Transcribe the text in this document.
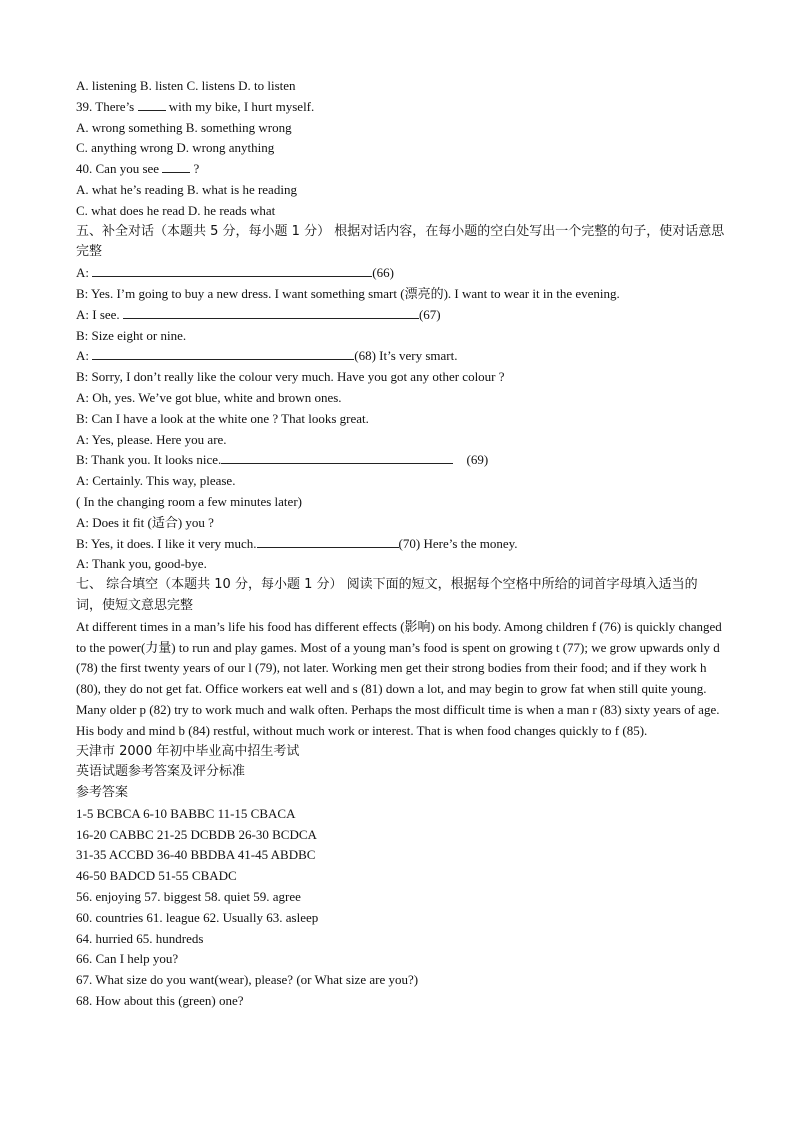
A. listening B. listen C. listens D. to listen
39. There’s	with my bike, I hurt myself.
A. wrong something B. something wrong
C. anything wrong D. wrong anything
40. Can you see	?
A. what he’s reading B. what is he reading
C. what does he read D. he reads what
五、补全对话（本题共 5 分，每小题 1 分） 根据对话内容，在每小题的空白处写出一个完整的句子，使对话意思完整
A:	(66)
B: Yes. I’m going to buy a new dress. I want something smart (漂亮的). I want to wear it in the evening.
A: I see.	(67)
B: Size eight or nine.
A:	(68) It’s very smart.
B: Sorry, I don’t really like the colour very much. Have you got any other colour ?
A: Oh, yes. We’ve got blue, white and brown ones.
B: Can I have a look at the white one ? That looks great.
A: Yes, please. Here you are.
B: Thank you. It looks nice.	(69)
A: Certainly. This way, please.
( In the changing room a few minutes later)
A: Does it fit (适合) you ?
B: Yes, it does. I like it very much.	(70) Here’s the money.
A: Thank you, good-bye.
七、 综合填空（本题共 10 分，每小题 1 分） 阅读下面的短文，根据每个空格中所给的词首字母填入适当的 词，使短文意思完整
At different times in a man’s life his food has different effects (影响) on his body. Among children f (76) is quickly changed to the power(力量) to run and play games. Most of a young man’s food is spent on growing t (77); we grow upwards only d (78) the first twenty years of our l (79), not later. Working men get their strong bodies from their food; and if they work h (80), they do not get fat. Office workers eat well and s (81) down a lot, and may begin to grow fat when still quite young. Many older p (82) try to work much and walk often. Perhaps the most difficult time is when a man r (83) sixty years of age. His body and mind b (84) restful, without much work or interest. That is when food changes quickly to f (85).
天津市 2000 年初中毕业高中招生考试
英语试题参考答案及评分标准
参考答案
1-5 BCBCA 6-10 BABBC 11-15 CBACA
16-20 CABBC 21-25 DCBDB 26-30 BCDCA
31-35 ACCBD 36-40 BBDBA 41-45 ABDBC
46-50 BADCD 51-55 CBADC
56. enjoying 57. biggest 58. quiet 59. agree
60. countries 61. league 62. Usually 63. asleep
64. hurried 65. hundreds
66. Can I help you?
67. What size do you want(wear), please? (or What size are you?)
68. How about this (green) one?
